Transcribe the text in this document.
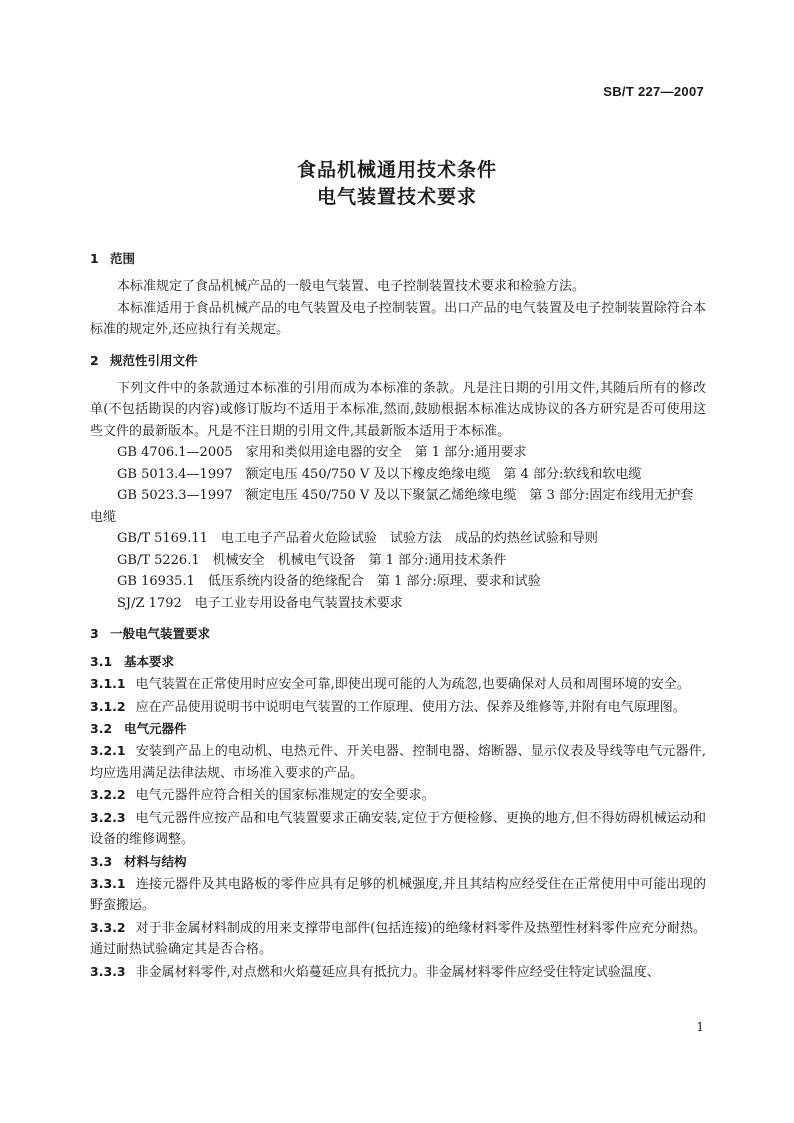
SB/T 227—2007
食品机械通用技术条件
电气装置技术要求
1 范围

本标准规定了食品机械产品的一般电气装置、电子控制装置技术要求和检验方法。

本标准适用于食品机械产品的电气装置及电子控制装置。出口产品的电气装置及电子控制装置除符合本标准的规定外,还应执行有关规定。

2 规范性引用文件

下列文件中的条款通过本标准的引用而成为本标准的条款。凡是注日期的引用文件,其随后所有的修改单(不包括勘误的内容)或修订版均不适用于本标准,然而,鼓励根据本标准达成协议的各方研究是否可使用这些文件的最新版本。凡是不注日期的引用文件,其最新版本适用于本标准。

GB 4706.1—2005　家用和类似用途电器的安全　第 1 部分:通用要求

GB 5013.4—1997　额定电压 450/750 V 及以下橡皮绝缘电缆　第 4 部分:软线和软电缆

GB 5023.3—1997　额定电压 450/750 V 及以下聚氯乙烯绝缘电缆　第 3 部分:固定布线用无护套电缆

GB/T 5169.11　电工电子产品着火危险试验　试验方法　成品的灼热丝试验和导则

GB/T 5226.1　机械安全　机械电气设备　第 1 部分:通用技术条件

GB 16935.1　低压系统内设备的绝缘配合　第 1 部分:原理、要求和试验

SJ/Z 1792　电子工业专用设备电气装置技术要求

3 一般电气装置要求
3.1 基本要求

3.1.1 电气装置在正常使用时应安全可靠,即使出现可能的人为疏忽,也要确保对人员和周围环境的安全。

3.1.2 应在产品使用说明书中说明电气装置的工作原理、使用方法、保养及维修等,并附有电气原理图。

3.2 电气元器件

3.2.1 安装到产品上的电动机、电热元件、开关电器、控制电器、熔断器、显示仪表及导线等电气元器件,均应选用满足法律法规、市场准入要求的产品。

3.2.2 电气元器件应符合相关的国家标准规定的安全要求。

3.2.3 电气元器件应按产品和电气装置要求正确安装,定位于方便检修、更换的地方,但不得妨碍机械运动和设备的维修调整。

3.3 材料与结构

3.3.1 连接元器件及其电路板的零件应具有足够的机械强度,并且其结构应经受住在正常使用中可能出现的野蛮搬运。

3.3.2 对于非金属材料制成的用来支撑带电部件(包括连接)的绝缘材料零件及热塑性材料零件应充分耐热。通过耐热试验确定其是否合格。

3.3.3 非金属材料零件,对点燃和火焰蔓延应具有抵抗力。非金属材料零件应经受住特定试验温度、

1
